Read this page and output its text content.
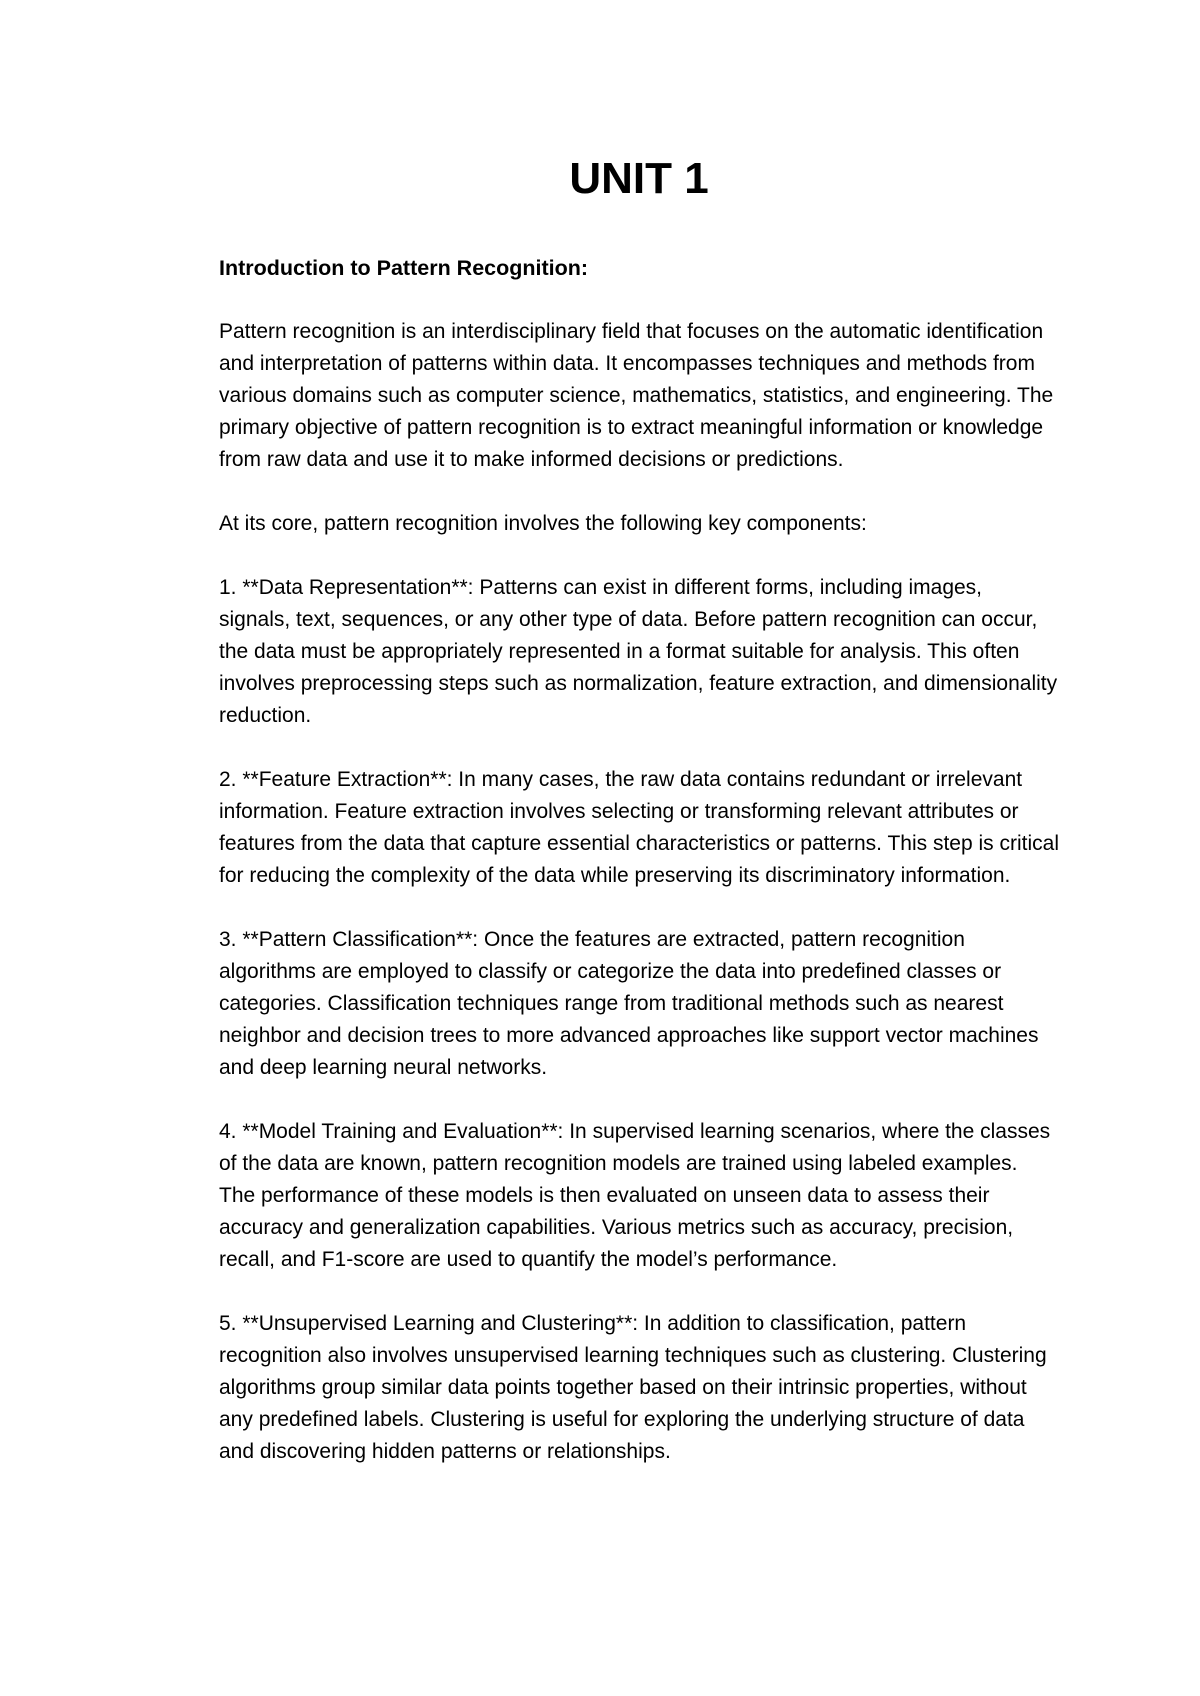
UNIT 1
Introduction to Pattern Recognition:

Pattern recognition is an interdisciplinary field that focuses on the automatic identification and interpretation of patterns within data. It encompasses techniques and methods from various domains such as computer science, mathematics, statistics, and engineering. The primary objective of pattern recognition is to extract meaningful information or knowledge from raw data and use it to make informed decisions or predictions.

At its core, pattern recognition involves the following key components:

1. **Data Representation**: Patterns can exist in different forms, including images, signals, text, sequences, or any other type of data. Before pattern recognition can occur, the data must be appropriately represented in a format suitable for analysis. This often involves preprocessing steps such as normalization, feature extraction, and dimensionality reduction.

2. **Feature Extraction**: In many cases, the raw data contains redundant or irrelevant information. Feature extraction involves selecting or transforming relevant attributes or features from the data that capture essential characteristics or patterns. This step is critical for reducing the complexity of the data while preserving its discriminatory information.

3. **Pattern Classification**: Once the features are extracted, pattern recognition algorithms are employed to classify or categorize the data into predefined classes or categories. Classification techniques range from traditional methods such as nearest neighbor and decision trees to more advanced approaches like support vector machines and deep learning neural networks.

4. **Model Training and Evaluation**: In supervised learning scenarios, where the classes of the data are known, pattern recognition models are trained using labeled examples. The performance of these models is then evaluated on unseen data to assess their accuracy and generalization capabilities. Various metrics such as accuracy, precision, recall, and F1-score are used to quantify the model’s performance.

5. **Unsupervised Learning and Clustering**: In addition to classification, pattern recognition also involves unsupervised learning techniques such as clustering. Clustering algorithms group similar data points together based on their intrinsic properties, without any predefined labels. Clustering is useful for exploring the underlying structure of data and discovering hidden patterns or relationships.
